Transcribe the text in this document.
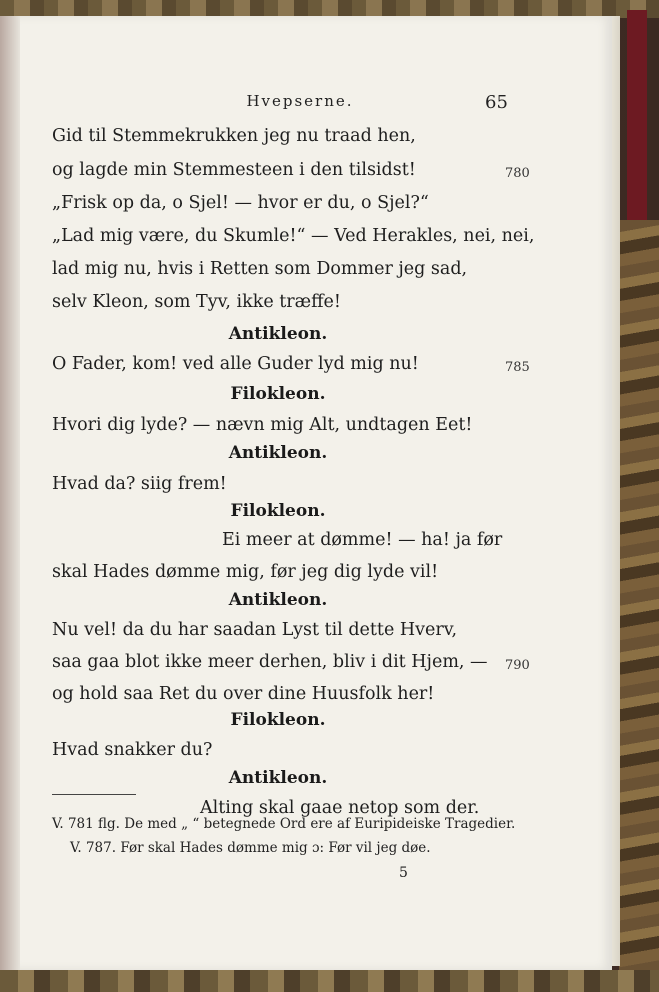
Hvepserne.	65
Gid til Stemmekrukken jeg nu traad hen,
og lagde min Stemmesteen i den tilsidst!	780
„Frisk op da, o Sjel! — hvor er du, o Sjel?“
„Lad mig være, du Skumle!“ — Ved Herakles, nei, nei,
lad mig nu, hvis i Retten som Dommer jeg sad,
selv Kleon, som Tyv, ikke træffe!
Antikleon.
O Fader, kom! ved alle Guder lyd mig nu!	785
Filokleon.
Hvori dig lyde? — nævn mig Alt, undtagen Eet!
Antikleon.
Hvad da? siig frem!
Filokleon.
Ei meer at dømme! — ha! ja før
skal Hades dømme mig, før jeg dig lyde vil!
Antikleon.
Nu vel! da du har saadan Lyst til dette Hverv,
saa gaa blot ikke meer derhen, bliv i dit Hjem, — 790
og hold saa Ret du over dine Huusfolk her!
Filokleon.
Hvad snakker du?
Antikleon.
Alting skal gaae netop som der.
V. 781 flg. De med „ “ betegnede Ord ere af Euripideiske Tragedier.
V. 787. Før skal Hades dømme mig ɔ: Før vil jeg døe.
5
